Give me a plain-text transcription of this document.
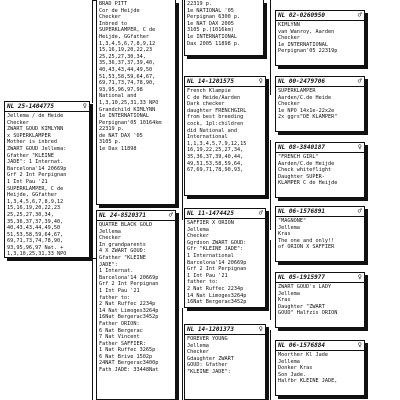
BRAD PITT
Cor de Heijde
Checker
Inbred to
SUPERKLAMPER, C de
Heijde, GGfather
1,3,4,5,6,7,8,9,12
15,16,19,20,22,23
25,25,27,30,34,
35,36,37,37,39,40,
40,43,43,44,49,50
51,53,58,59,64,67,
69,71,73,74,78,90,
93,95,96,97,98
National and
1,3,10,25,31,33 NPO
Grandchild KIMLYNN
1e INTERNATIONAL
Perpignan'05 10164km
22319 p.
de NAT DAX '05
3105 p.
1e Dax 11898
22319 p.
1e NATIONAL '05
Perpignan 6300 p.
1e NAT DAX 2005
3105 p.(1016km)
1e INTERNATIONAL
Dax 2005 11898 p.
NL 02-0260950	♂
KIMLYNN
van Wanroy, Aarden
Checker
1e INTERNATIONAL
Perpignan'05 22319p
NL 25-1404775	♀
Jellema / de Heide
Checker
ZWART GOUD KIMLYNN
x SUPERKLAMPER
Mother is inbred
ZWART GOUD Jellema:
Gfather "KLEINE
JADE": 1 Internat.
Barcelona'14 20669p
Grf 2 Int Perpignan
1 Int Pau '21
SUPERKLAMPER, C de
Heijde, GGfather
1,3,4,5,6,7,8,9,12
15,16,19,20,22,23
25,25,27,30,34,
35,36,37,37,39,40,
40,43,43,44,49,50
51,53,58,59,64,67,
69,71,73,74,78,90,
93,95,96,97 Nat. +
1,3,10,25,31,33 NPO
NL 14-1201575	♀
French Klampie
C de Heide/Aarden
Dark checker
daughter FRENCHGIRL
from best breeding
cock, 1pl:children
did National and
International
1,1,3,4,5,7,9,12,15
16,19,22,25,27,34,
35,36,37,39,40,44,
49,51,53,58,59,64,
67,69,71,78,90,93,
NL 00-2479706	♂
SUPERKLAMPER
Aarden/C.de Heide
Checker
1e NPO 14x1e-22x2e
2x ggrs"DE KLAMPER"
NL 08-3840187	♀
"FRENCH GIRL"
Aarden/C.de Heijde
Check whiteflight
Daughter SUPER-
KLAMPER C de Heijde
NL 24-8520371	♂
QUATRE BLACK GOLD
Jellema
Checker
In grandparents
4 X ZWART GOUD:
Gfather "KLEINE
JADE":
1 Internat.
Barcelona'14 20669p
Grf 2 Int Perpignan
1 Int Pau '21
father to:
2 Nat Ruffec 2234p
14 Nat Limoges3264p
16Nat Bergerac3452p
Father ORION:
6 Nat Bergerac
7 Nat Vincent
Father SAFFIER:
1 Nat Ruffec 3265p
6 Nat Brive 1502p
24NAT Bergerac3400p
Fath JADE: 33448Nat
NL 11-1474425	♂
SAFFIER X ORION
Jellema
Checker
Ggrdson ZWART GOUD:
Gfr "KLEINE JADE":
1 International
Barcelona'14 20669p
Grf 2 Int Perpignan
1 Int Pau '21
father to:
2 Nat Ruffec 2234p
14 Nat Limoges3264p
16Nat Bergerac3452p
NL 14-1201373	♀
FOREVER YOUNG
Jellema
Checker
Gdaughter ZWART
GOUD: Gfather
"KLEINE JADE":
NL 06-1576891	♂
"MAGNONE"
Jellema
Kras
The one and only!!
of ORION X SAFFIER
NL 05-1915977	♀
ZWART GOUD's LADY
Jellema
Kras
Daughter "ZWART
GOUD" Halfzis ORION
NL 06-1576884	♀
Moorther Kl Jade
Jellema
Donker Kras
Son Jade.
Halfbr KLEINE JADE,
